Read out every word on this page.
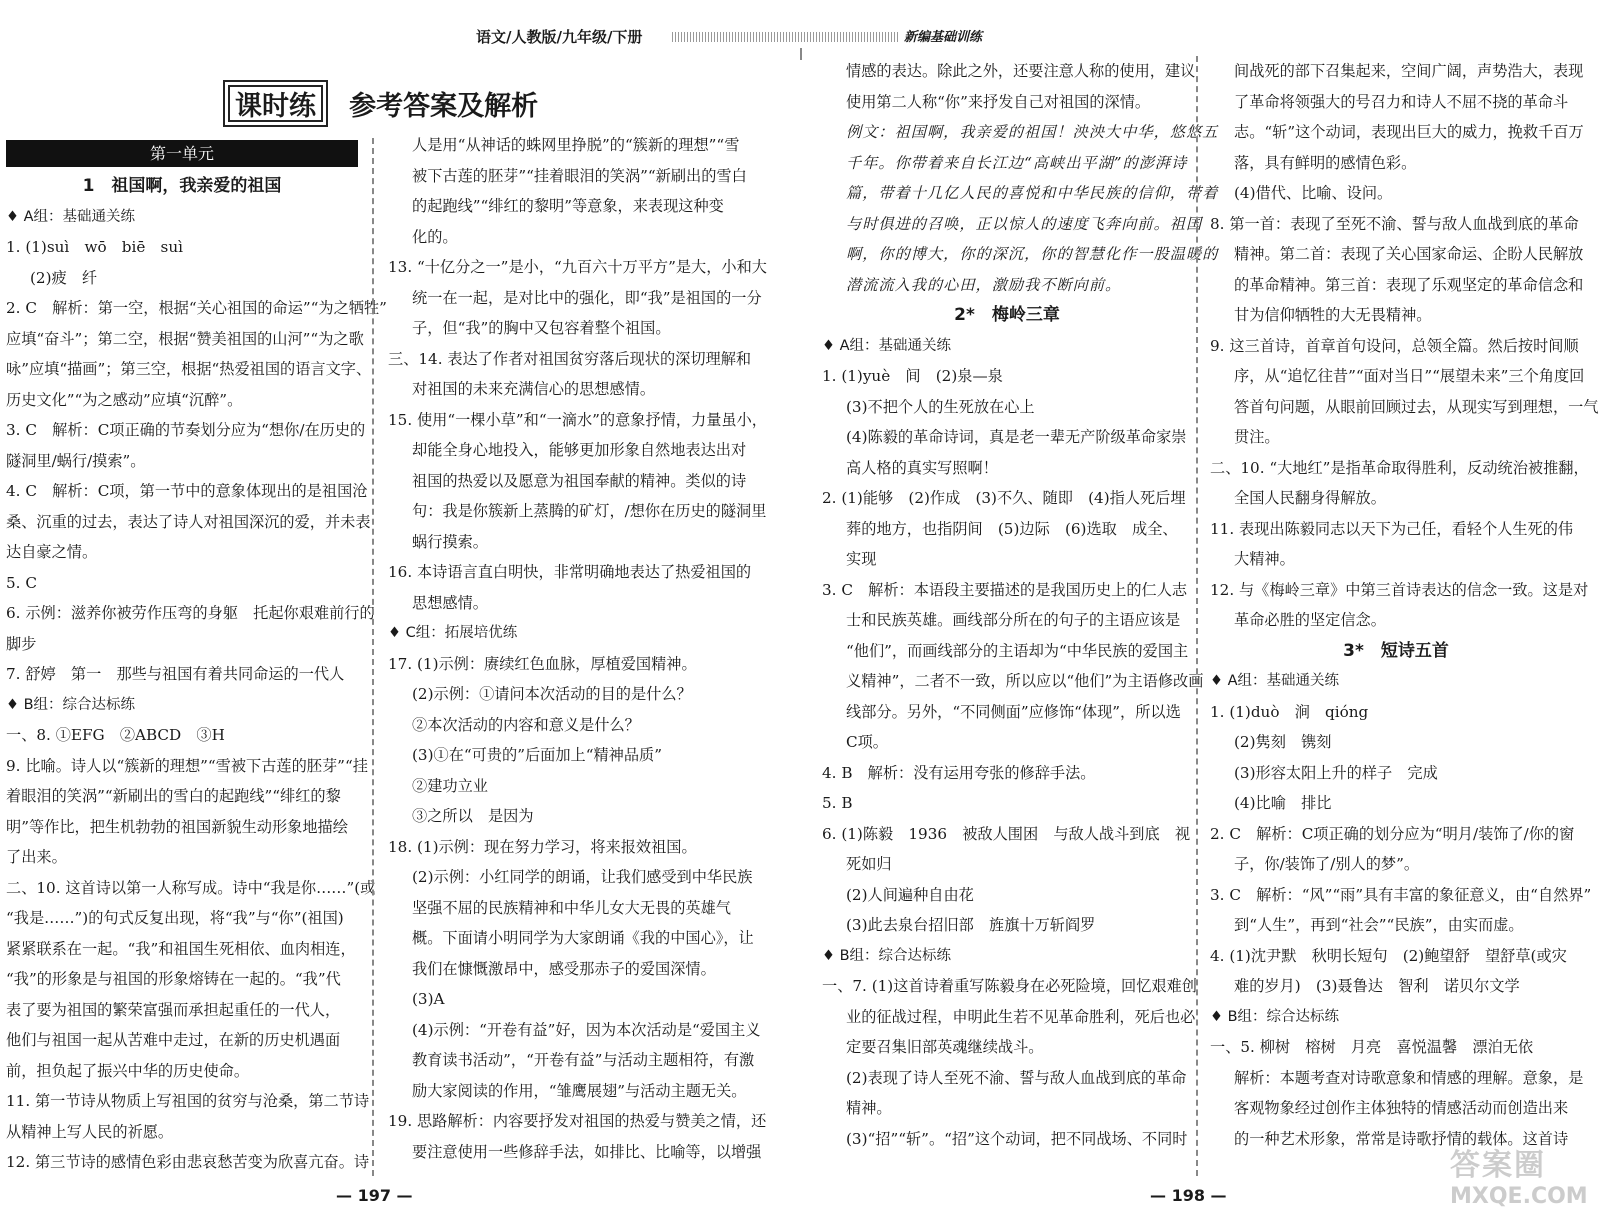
语文/人教版/九年级/下册	新编基础训练
课时练 参考答案及解析
第一单元

1　祖国啊，我亲爱的祖国

♦ A组：基础通关练

1. (1)suì　wō　biē　suì

(2)疲　纤

2. C　解析：第一空，根据“关心祖国的命运”“为之牺牲”

应填“奋斗”；第二空，根据“赞美祖国的山河”“为之歌

咏”应填“描画”；第三空，根据“热爱祖国的语言文字、

历史文化”“为之感动”应填“沉醉”。

3. C　解析：C项正确的节奏划分应为“想你/在历史的

隧洞里/蜗行/摸索”。

4. C　解析：C项，第一节中的意象体现出的是祖国沧

桑、沉重的过去，表达了诗人对祖国深沉的爱，并未表

达自豪之情。

5. C

6. 示例：滋养你被劳作压弯的身躯　托起你艰难前行的

脚步

7. 舒婷　第一　那些与祖国有着共同命运的一代人

♦ B组：综合达标练

一、8. ①EFG　②ABCD　③H

9. 比喻。诗人以“簇新的理想”“雪被下古莲的胚芽”“挂

着眼泪的笑涡”“新刷出的雪白的起跑线”“绯红的黎

明”等作比，把生机勃勃的祖国新貌生动形象地描绘

了出来。

二、10. 这首诗以第一人称写成。诗中“我是你……”(或

“我是……”)的句式反复出现，将“我”与“你”(祖国)

紧紧联系在一起。“我”和祖国生死相依、血肉相连，

“我”的形象是与祖国的形象熔铸在一起的。“我”代

表了要为祖国的繁荣富强而承担起重任的一代人，

他们与祖国一起从苦难中走过，在新的历史机遇面

前，担负起了振兴中华的历史使命。

11. 第一节诗从物质上写祖国的贫穷与沧桑，第二节诗

从精神上写人民的祈愿。

12. 第三节诗的感情色彩由悲哀愁苦变为欣喜亢奋。诗

人是用“从神话的蛛网里挣脱”的“簇新的理想”“雪

被下古莲的胚芽”“挂着眼泪的笑涡”“新刷出的雪白

的起跑线”“绯红的黎明”等意象，来表现这种变

化的。

13. “十亿分之一”是小，“九百六十万平方”是大，小和大

统一在一起，是对比中的强化，即“我”是祖国的一分

子，但“我”的胸中又包容着整个祖国。

三、14. 表达了作者对祖国贫穷落后现状的深切理解和

对祖国的未来充满信心的思想感情。

15. 使用“一棵小草”和“一滴水”的意象抒情，力量虽小，

却能全身心地投入，能够更加形象自然地表达出对

祖国的热爱以及愿意为祖国奉献的精神。类似的诗

句：我是你簇新上蒸腾的矿灯，/想你在历史的隧洞里

蜗行摸索。

16. 本诗语言直白明快，非常明确地表达了热爱祖国的

思想感情。

♦ C组：拓展培优练

17. (1)示例：赓续红色血脉，厚植爱国精神。

(2)示例：①请问本次活动的目的是什么？

②本次活动的内容和意义是什么？

(3)①在“可贵的”后面加上“精神品质”

②建功立业

③之所以　是因为

18. (1)示例：现在努力学习，将来报效祖国。

(2)示例：小红同学的朗诵，让我们感受到中华民族

坚强不屈的民族精神和中华儿女大无畏的英雄气

概。下面请小明同学为大家朗诵《我的中国心》，让

我们在慷慨激昂中，感受那赤子的爱国深情。

(3)A

(4)示例：“开卷有益”好，因为本次活动是“爱国主义

教育读书活动”，“开卷有益”与活动主题相符，有激

励大家阅读的作用，“雏鹰展翅”与活动主题无关。

19. 思路解析：内容要抒发对祖国的热爱与赞美之情，还

要注意使用一些修辞手法，如排比、比喻等，以增强

情感的表达。除此之外，还要注意人称的使用，建议

使用第二人称“你”来抒发自己对祖国的深情。

例文：祖国啊，我亲爱的祖国！泱泱大中华，悠悠五

千年。你带着来自长江边“高峡出平湖”的澎湃诗

篇，带着十几亿人民的喜悦和中华民族的信仰，带着

与时俱进的召唤，正以惊人的速度飞奔向前。祖国

啊，你的博大，你的深沉，你的智慧化作一股温暖的

潜流流入我的心田，激励我不断向前。

2*　梅岭三章

♦ A组：基础通关练

1. (1)yuè　间　(2)泉—泉

(3)不把个人的生死放在心上

(4)陈毅的革命诗词，真是老一辈无产阶级革命家崇

高人格的真实写照啊！

2. (1)能够　(2)作成　(3)不久、随即　(4)指人死后埋

葬的地方，也指阴间　(5)边际　(6)选取　成全、

实现

3. C　解析：本语段主要描述的是我国历史上的仁人志

士和民族英雄。画线部分所在的句子的主语应该是

“他们”，而画线部分的主语却为“中华民族的爱国主

义精神”，二者不一致，所以应以“他们”为主语修改画

线部分。另外，“不同侧面”应修饰“体现”，所以选

C项。

4. B　解析：没有运用夸张的修辞手法。

5. B

6. (1)陈毅　1936　被敌人围困　与敌人战斗到底　视

死如归

(2)人间遍种自由花

(3)此去泉台招旧部　旌旗十万斩阎罗

♦ B组：综合达标练

一、7. (1)这首诗着重写陈毅身在必死险境，回忆艰难创

业的征战过程，申明此生若不见革命胜利，死后也必

定要召集旧部英魂继续战斗。

(2)表现了诗人至死不渝、誓与敌人血战到底的革命

精神。

(3)“招”“斩”。“招”这个动词，把不同战场、不同时

间战死的部下召集起来，空间广阔，声势浩大，表现

了革命将领强大的号召力和诗人不屈不挠的革命斗

志。“斩”这个动词，表现出巨大的威力，挽救千百万

落，具有鲜明的感情色彩。

(4)借代、比喻、设问。

8. 第一首：表现了至死不渝、誓与敌人血战到底的革命

精神。第二首：表现了关心国家命运、企盼人民解放

的革命精神。第三首：表现了乐观坚定的革命信念和

甘为信仰牺牲的大无畏精神。

9. 这三首诗，首章首句设问，总领全篇。然后按时间顺

序，从“追忆往昔”“面对当日”“展望未来”三个角度回

答首句问题，从眼前回顾过去，从现实写到理想，一气

贯注。

二、10. “大地红”是指革命取得胜利，反动统治被推翻，

全国人民翻身得解放。

11. 表现出陈毅同志以天下为己任，看轻个人生死的伟

大精神。

12. 与《梅岭三章》中第三首诗表达的信念一致。这是对

革命必胜的坚定信念。

3*　短诗五首

♦ A组：基础通关练

1. (1)duò　涧　qióng

(2)隽刻　镌刻

(3)形容太阳上升的样子　完成

(4)比喻　排比

2. C　解析：C项正确的划分应为“明月/装饰了/你的窗

子，你/装饰了/别人的梦”。

3. C　解析：“风”“雨”具有丰富的象征意义，由“自然界”

到“人生”，再到“社会”“民族”，由实而虚。

4. (1)沈尹默　秋明长短句　(2)鲍望舒　望舒草(或灾

难的岁月)　(3)聂鲁达　智利　诺贝尔文学

♦ B组：综合达标练

一、5. 柳树　榕树　月亮　喜悦温馨　漂泊无依

解析：本题考查对诗歌意象和情感的理解。意象，是

客观物象经过创作主体独特的情感活动而创造出来

的一种艺术形象，常常是诗歌抒情的载体。这首诗

— 197 —	— 198 —
答案圈
MXQE.COM
